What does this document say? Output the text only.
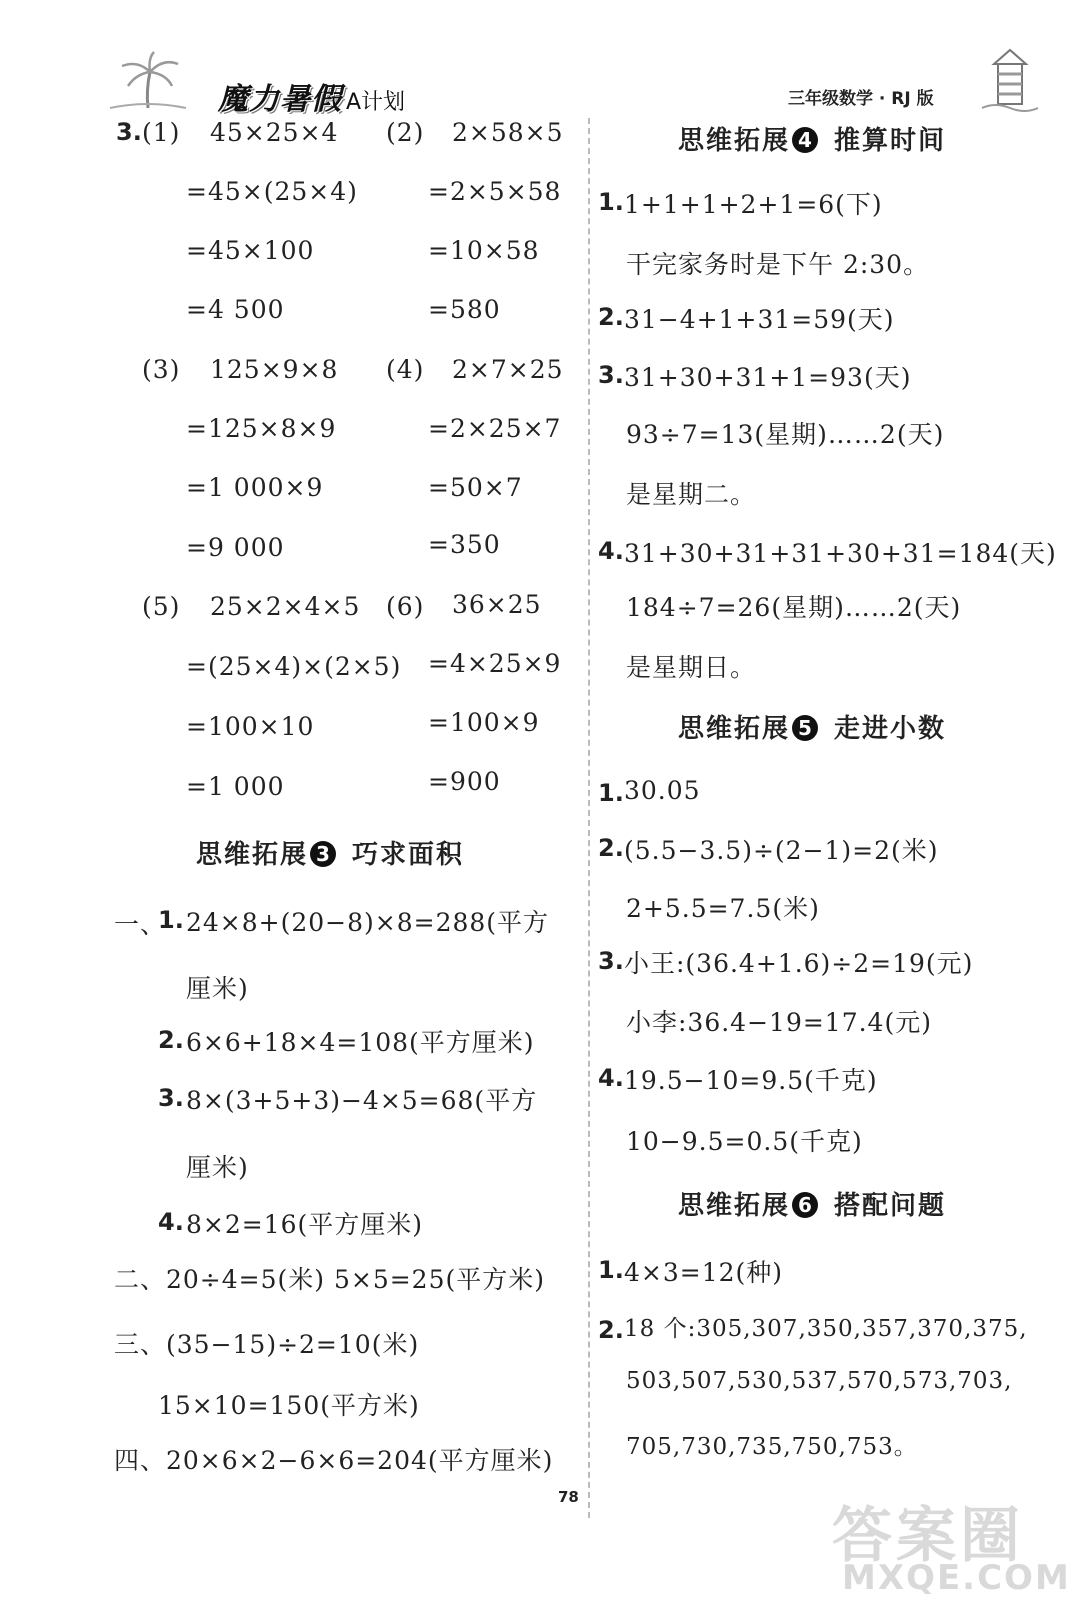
魔力暑假 A计划	三年级数学 · RJ 版
3. (1) 45×25×4
=45×(25×4)
=45×100
=4 500
(2) 2×58×5
=2×5×58
=10×58
=580
(3) 125×9×8
=125×8×9
=1 000×9
=9 000
(4) 2×7×25
=2×25×7
=50×7
=350
(5) 25×2×4×5
=(25×4)×(2×5)
=100×10
=1 000
(6) 36×25
=4×25×9
=100×9
=900
思维拓展 3 巧求面积
一、
1. 24×8+(20−8)×8=288(平方
厘米)
2. 6×6+18×4=108(平方厘米)
3. 8×(3+5+3)−4×5=68(平方
厘米)
4. 8×2=16(平方厘米)
二、20÷4=5(米) 5×5=25(平方米)
三、(35−15)÷2=10(米)
15×10=150(平方米)
四、20×6×2−6×6=204(平方厘米)
思维拓展 4 推算时间
1. 1+1+1+2+1=6(下)
干完家务时是下午 2:30。
2. 31−4+1+31=59(天)
3. 31+30+31+1=93(天)
93÷7=13(星期)……2(天)
是星期二。
4. 31+30+31+31+30+31=184(天)
184÷7=26(星期)……2(天)
是星期日。
思维拓展 5 走进小数
1. 30.05
2. (5.5−3.5)÷(2−1)=2(米)
2+5.5=7.5(米)
3. 小王:(36.4+1.6)÷2=19(元)
小李:36.4−19=17.4(元)
4. 19.5−10=9.5(千克)
10−9.5=0.5(千克)
思维拓展 6 搭配问题
1. 4×3=12(种)
2. 18 个:305,307,350,357,370,375,
503,507,530,537,570,573,703,
705,730,735,750,753。
78
答案圈
MXQE.COM
